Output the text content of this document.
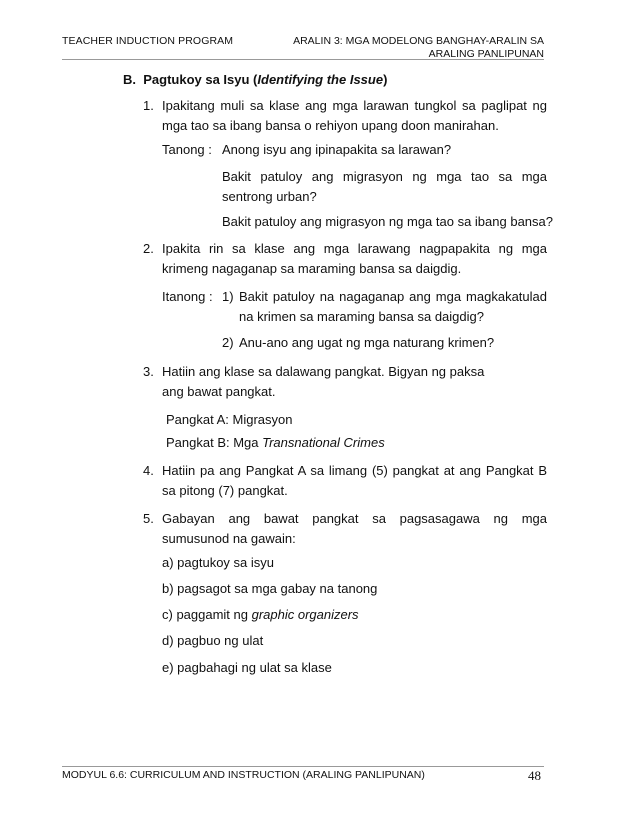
TEACHER INDUCTION PROGRAM	ARALIN 3: MGA MODELONG BANGHAY-ARALIN SA
ARALING PANLIPUNAN
B. Pagtukoy sa Isyu (Identifying the Issue)
1. Ipakitang muli sa klase ang mga larawan tungkol sa paglipat ng mga tao sa ibang bansa o rehiyon upang doon manirahan.
Tanong : Anong isyu ang ipinapakita sa larawan?
Bakit patuloy ang migrasyon ng mga tao sa mga sentrong urban?
Bakit patuloy ang migrasyon ng mga tao sa ibang bansa?
2. Ipakita rin sa klase ang mga larawang nagpapakita ng mga krimeng nagaganap sa maraming bansa sa daigdig.
Itanong : 1) Bakit patuloy na nagaganap ang mga magkakatulad na krimen sa maraming bansa sa daigdig?
2) Anu-ano ang ugat ng mga naturang krimen?
3. Hatiin ang klase sa dalawang pangkat. Bigyan ng paksa ang bawat pangkat.
Pangkat A: Migrasyon
Pangkat B: Mga Transnational Crimes
4. Hatiin pa ang Pangkat A sa limang (5) pangkat at ang Pangkat B sa pitong (7) pangkat.
5. Gabayan ang bawat pangkat sa pagsasagawa ng mga sumusunod na gawain:
a) pagtukoy sa isyu
b) pagsagot sa mga gabay na tanong
c) paggamit ng graphic organizers
d) pagbuo ng ulat
e) pagbahagi ng ulat sa klase
MODYUL 6.6: CURRICULUM AND INSTRUCTION (ARALING PANLIPUNAN)	48
